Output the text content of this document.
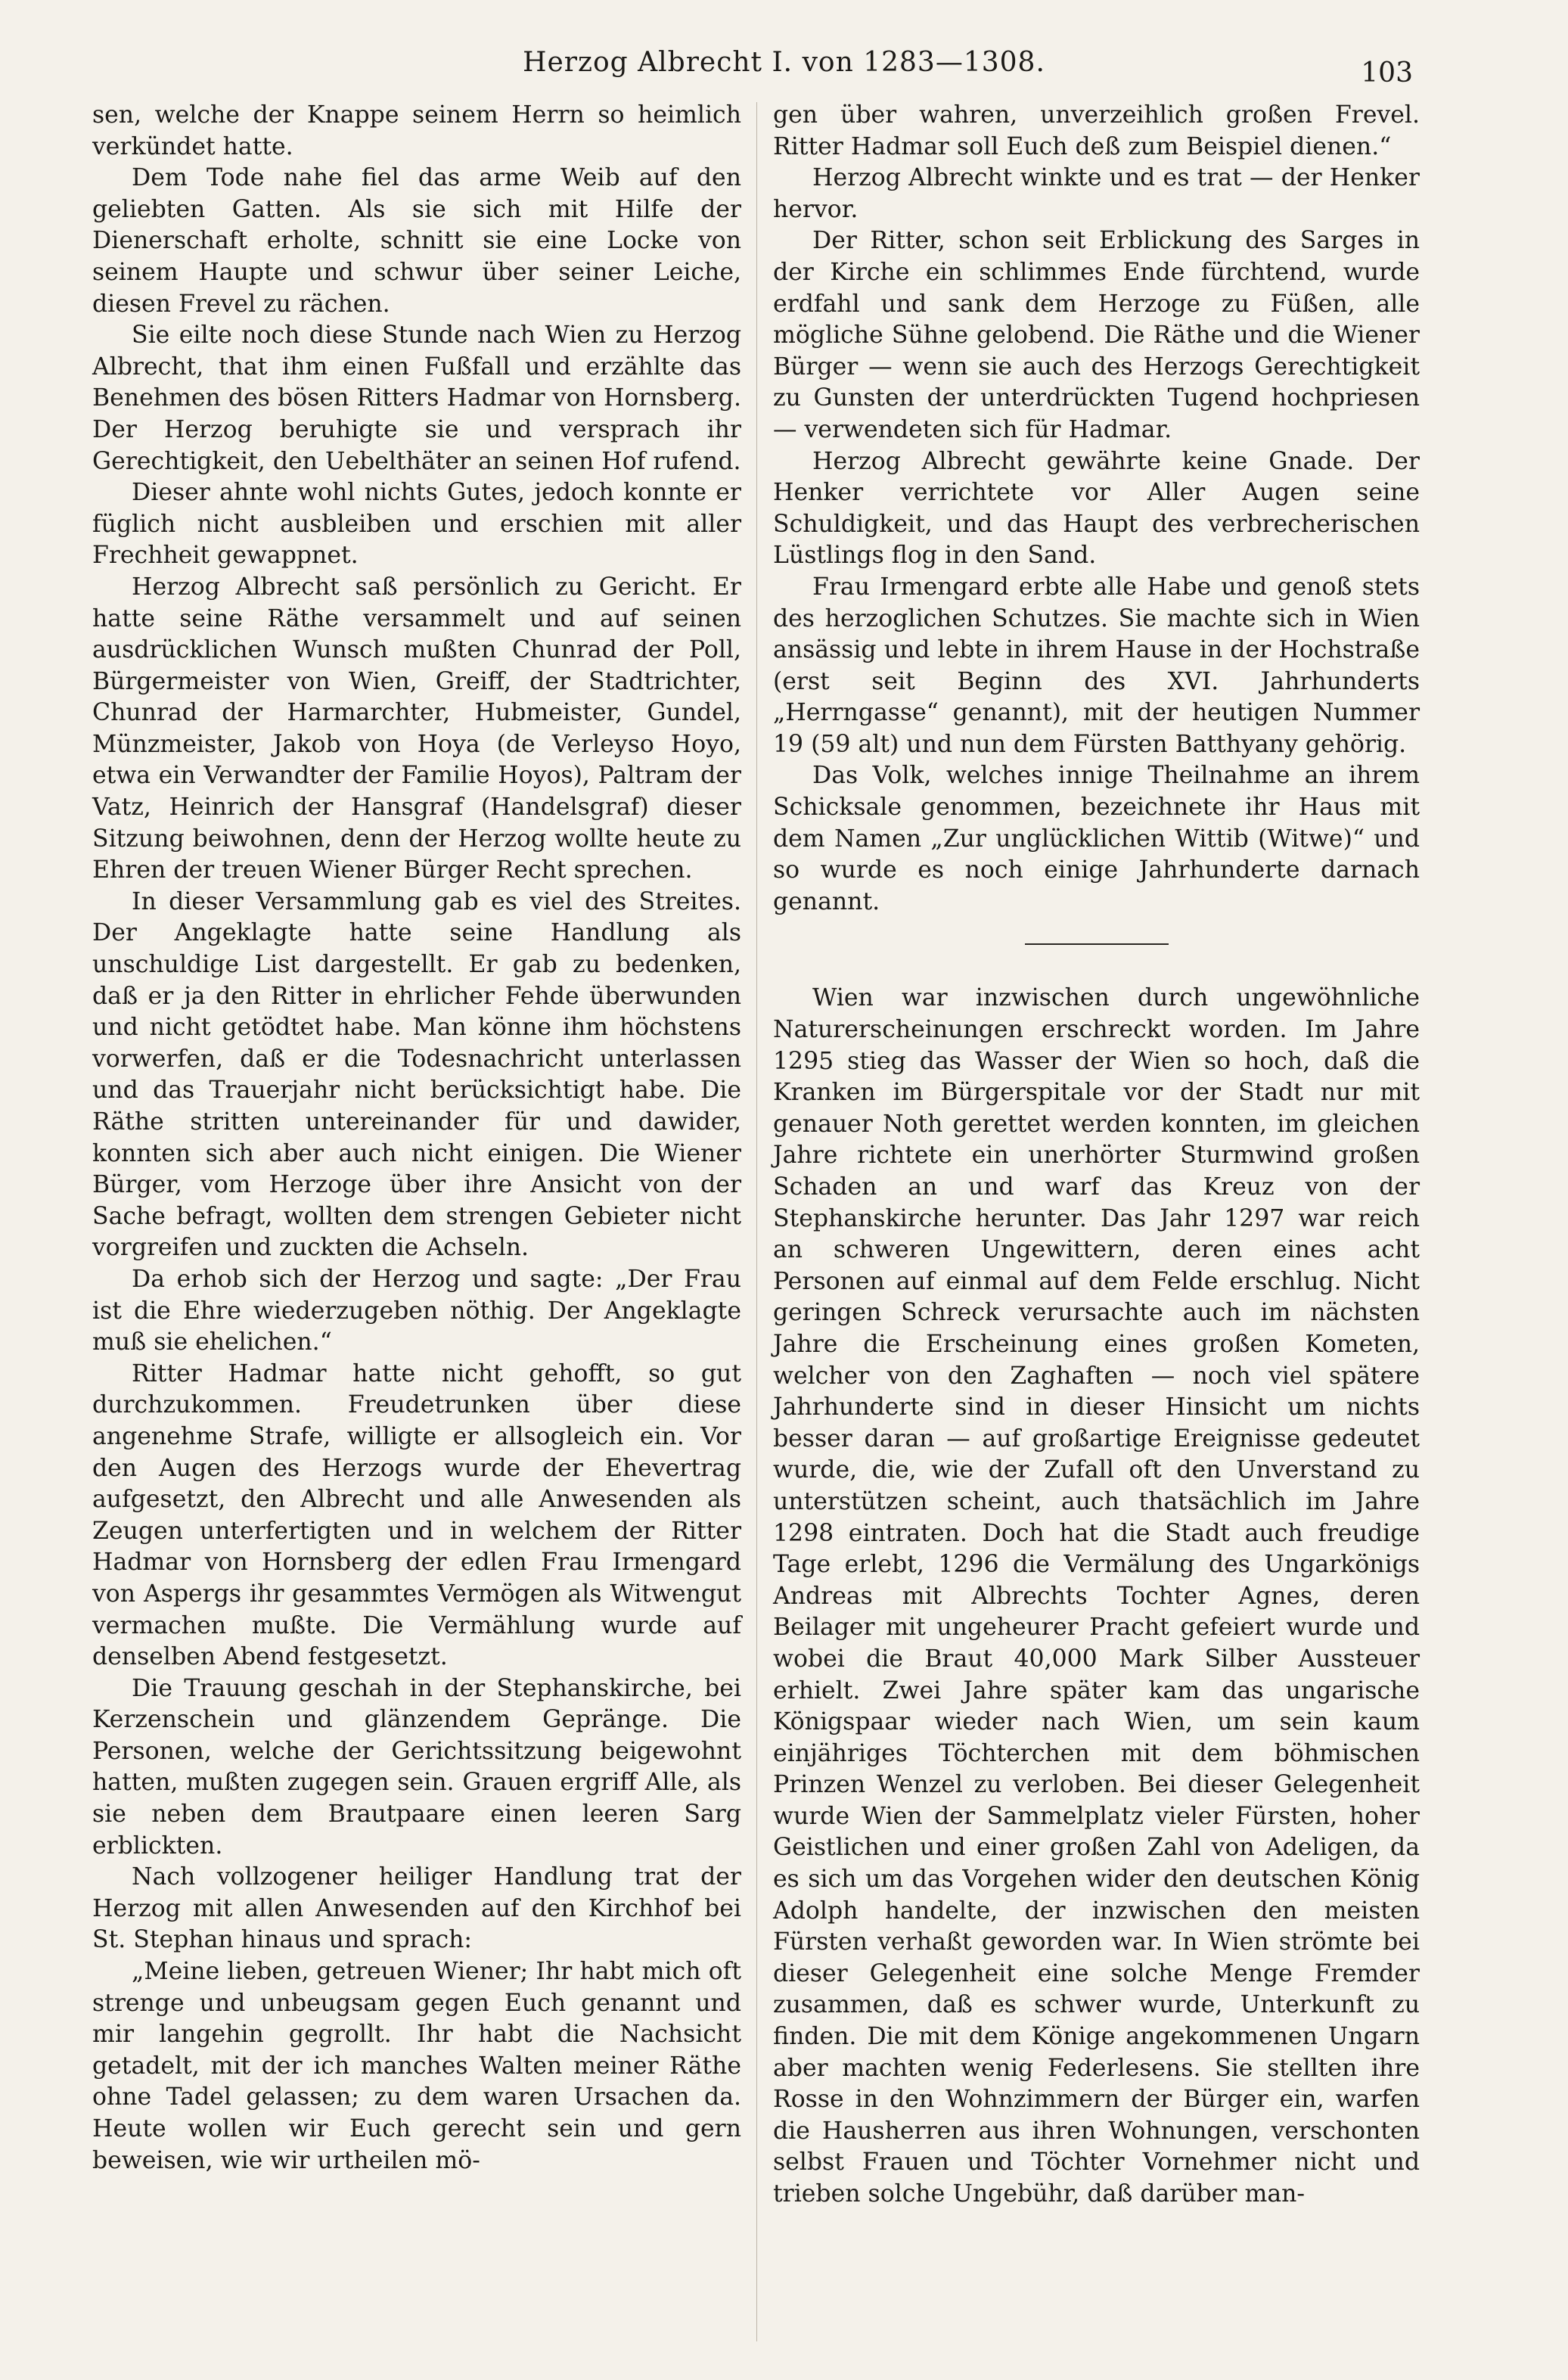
Herzog Albrecht I. von 1283—1308.	103

sen, welche der Knappe seinem Herrn so heimlich verkündet hatte.

Dem Tode nahe fiel das arme Weib auf den geliebten Gatten. Als sie sich mit Hilfe der Dienerschaft erholte, schnitt sie eine Locke von seinem Haupte und schwur über seiner Leiche, diesen Frevel zu rächen.

Sie eilte noch diese Stunde nach Wien zu Herzog Albrecht, that ihm einen Fußfall und erzählte das Benehmen des bösen Ritters Hadmar von Hornsberg. Der Herzog beruhigte sie und versprach ihr Gerechtigkeit, den Uebelthäter an seinen Hof rufend.

Dieser ahnte wohl nichts Gutes, jedoch konnte er füglich nicht ausbleiben und erschien mit aller Frechheit gewappnet.

Herzog Albrecht saß persönlich zu Gericht. Er hatte seine Räthe versammelt und auf seinen ausdrücklichen Wunsch mußten Chunrad der Poll, Bürgermeister von Wien, Greiff, der Stadtrichter, Chunrad der Harmarchter, Hubmeister, Gundel, Münzmeister, Jakob von Hoya (de Verleyso Hoyo, etwa ein Verwandter der Familie Hoyos), Paltram der Vatz, Heinrich der Hansgraf (Handelsgraf) dieser Sitzung beiwohnen, denn der Herzog wollte heute zu Ehren der treuen Wiener Bürger Recht sprechen.

In dieser Versammlung gab es viel des Streites. Der Angeklagte hatte seine Handlung als unschuldige List dargestellt. Er gab zu bedenken, daß er ja den Ritter in ehrlicher Fehde überwunden und nicht getödtet habe. Man könne ihm höchstens vorwerfen, daß er die Todesnachricht unterlassen und das Trauerjahr nicht berücksichtigt habe. Die Räthe stritten untereinander für und dawider, konnten sich aber auch nicht einigen. Die Wiener Bürger, vom Herzoge über ihre Ansicht von der Sache befragt, wollten dem strengen Gebieter nicht vorgreifen und zuckten die Achseln.

Da erhob sich der Herzog und sagte: „Der Frau ist die Ehre wiederzugeben nöthig. Der Angeklagte muß sie ehelichen.“

Ritter Hadmar hatte nicht gehofft, so gut durchzukommen. Freudetrunken über diese angenehme Strafe, willigte er allsogleich ein. Vor den Augen des Herzogs wurde der Ehevertrag aufgesetzt, den Albrecht und alle Anwesenden als Zeugen unterfertigten und in welchem der Ritter Hadmar von Hornsberg der edlen Frau Irmengard von Aspergs ihr gesammtes Vermögen als Witwengut vermachen mußte. Die Vermählung wurde auf denselben Abend festgesetzt.

Die Trauung geschah in der Stephanskirche, bei Kerzenschein und glänzendem Gepränge. Die Personen, welche der Gerichtssitzung beigewohnt hatten, mußten zugegen sein. Grauen ergriff Alle, als sie neben dem Brautpaare einen leeren Sarg erblickten.

Nach vollzogener heiliger Handlung trat der Herzog mit allen Anwesenden auf den Kirchhof bei St. Stephan hinaus und sprach:

„Meine lieben, getreuen Wiener; Ihr habt mich oft strenge und unbeugsam gegen Euch genannt und mir langehin gegrollt. Ihr habt die Nachsicht getadelt, mit der ich manches Walten meiner Räthe ohne Tadel gelassen; zu dem waren Ursachen da. Heute wollen wir Euch gerecht sein und gern beweisen, wie wir urtheilen mö-

gen über wahren, unverzeihlich großen Frevel. Ritter Hadmar soll Euch deß zum Beispiel dienen.“

Herzog Albrecht winkte und es trat — der Henker hervor.

Der Ritter, schon seit Erblickung des Sarges in der Kirche ein schlimmes Ende fürchtend, wurde erdfahl und sank dem Herzoge zu Füßen, alle mögliche Sühne gelobend. Die Räthe und die Wiener Bürger — wenn sie auch des Herzogs Gerechtigkeit zu Gunsten der unterdrückten Tugend hochpriesen — verwendeten sich für Hadmar.

Herzog Albrecht gewährte keine Gnade. Der Henker verrichtete vor Aller Augen seine Schuldigkeit, und das Haupt des verbrecherischen Lüstlings flog in den Sand.

Frau Irmengard erbte alle Habe und genoß stets des herzoglichen Schutzes. Sie machte sich in Wien ansässig und lebte in ihrem Hause in der Hochstraße (erst seit Beginn des XVI. Jahrhunderts „Herrngasse“ genannt), mit der heutigen Nummer 19 (59 alt) und nun dem Fürsten Batthyany gehörig.

Das Volk, welches innige Theilnahme an ihrem Schicksale genommen, bezeichnete ihr Haus mit dem Namen „Zur unglücklichen Wittib (Witwe)“ und so wurde es noch einige Jahrhunderte darnach genannt.

Wien war inzwischen durch ungewöhnliche Naturerscheinungen erschreckt worden. Im Jahre 1295 stieg das Wasser der Wien so hoch, daß die Kranken im Bürgerspitale vor der Stadt nur mit genauer Noth gerettet werden konnten, im gleichen Jahre richtete ein unerhörter Sturmwind großen Schaden an und warf das Kreuz von der Stephanskirche herunter. Das Jahr 1297 war reich an schweren Ungewittern, deren eines acht Personen auf einmal auf dem Felde erschlug. Nicht geringen Schreck verursachte auch im nächsten Jahre die Erscheinung eines großen Kometen, welcher von den Zaghaften — noch viel spätere Jahrhunderte sind in dieser Hinsicht um nichts besser daran — auf großartige Ereignisse gedeutet wurde, die, wie der Zufall oft den Unverstand zu unterstützen scheint, auch thatsächlich im Jahre 1298 eintraten. Doch hat die Stadt auch freudige Tage erlebt, 1296 die Vermälung des Ungarkönigs Andreas mit Albrechts Tochter Agnes, deren Beilager mit ungeheurer Pracht gefeiert wurde und wobei die Braut 40,000 Mark Silber Aussteuer erhielt. Zwei Jahre später kam das ungarische Königspaar wieder nach Wien, um sein kaum einjähriges Töchterchen mit dem böhmischen Prinzen Wenzel zu verloben. Bei dieser Gelegenheit wurde Wien der Sammelplatz vieler Fürsten, hoher Geistlichen und einer großen Zahl von Adeligen, da es sich um das Vorgehen wider den deutschen König Adolph handelte, der inzwischen den meisten Fürsten verhaßt geworden war. In Wien strömte bei dieser Gelegenheit eine solche Menge Fremder zusammen, daß es schwer wurde, Unterkunft zu finden. Die mit dem Könige angekommenen Ungarn aber machten wenig Federlesens. Sie stellten ihre Rosse in den Wohnzimmern der Bürger ein, warfen die Hausherren aus ihren Wohnungen, verschonten selbst Frauen und Töchter Vornehmer nicht und trieben solche Ungebühr, daß darüber man-
